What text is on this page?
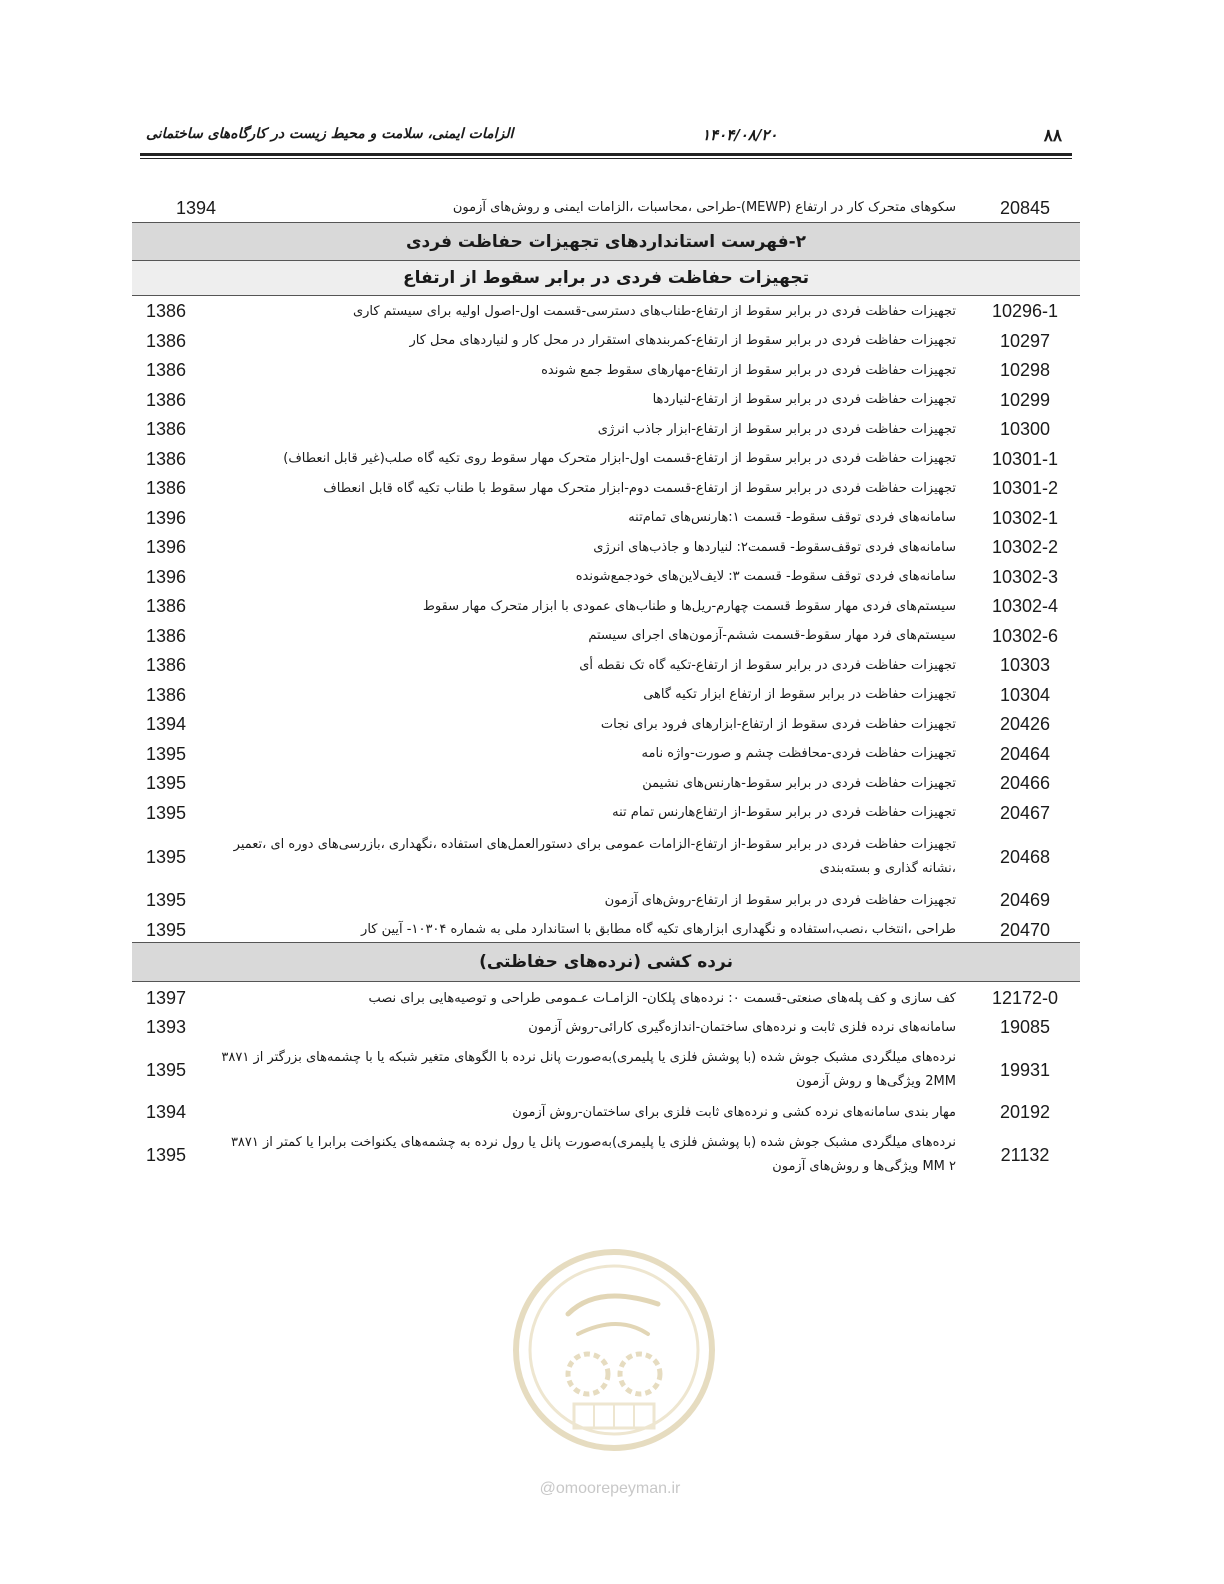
۸۸
۱۴۰۴/۰۸/۲۰
الزامات ایمنی، سلامت و محیط زیست در کارگاه‌های ساختمانی
20845
سکوهای متحرک کار در ارتفاع (MEWP)-طراحی ،محاسبات ،الزامات ایمنی و روش‌های آزمون
1394
۲-فهرست استانداردهای تجهیزات حفاظت فردی
تجهیزات حفاظت فردی در برابر سقوط از ارتفاع
10296-1
تجهیزات حفاظت فردی در برابر سقوط از ارتفاع-طناب‌های دسترسی-قسمت اول-اصول اولیه برای سیستم کاری
1386
10297
تجهیزات حفاظت فردی در برابر سقوط از ارتفاع-کمربندهای استقرار در محل کار و لنیاردهای محل کار
1386
10298
تجهیزات حفاظت فردی در برابر سقوط از ارتفاع-مهارهای سقوط جمع شونده
1386
10299
تجهیزات حفاظت فردی در برابر سقوط از ارتفاع-لنیاردها
1386
10300
تجهیزات حفاظت فردی در برابر سقوط از ارتفاع-ابزار جاذب انرژی
1386
10301-1
تجهیزات حفاظت فردی در برابر سقوط از ارتفاع-قسمت اول-ابزار متحرک مهار سقوط روی تکیه گاه صلب(غیر قابل انعطاف)
1386
10301-2
تجهیزات حفاظت فردی در برابر سقوط از ارتفاع-قسمت دوم-ابزار متحرک مهار سقوط با طناب تکیه گاه قابل انعطاف
1386
10302-1
سامانه‌های فردی توقف سقوط- قسمت ۱:هارنس‌های تمام‌تنه
1396
10302-2
سامانه‌های فردی توقف‌سقوط- قسمت۲: لنیاردها و جاذب‌های انرژی
1396
10302-3
سامانه‌های فردی توقف سقوط- قسمت ۳: لایف‌لاین‌های خودجمع‌شونده
1396
10302-4
سیستم‌های فردی مهار سقوط قسمت چهارم-ریل‌ها و طناب‌های عمودی با ابزار متحرک مهار سقوط
1386
10302-6
سیستم‌های فرد مهار سقوط-قسمت ششم-آزمون‌های اجرای سیستم
1386
10303
تجهیزات حفاظت فردی در برابر سقوط از ارتفاع-تکیه گاه تک نقطه أی
1386
10304
تجهیزات حفاظت در برابر سقوط از ارتفاع ابزار تکیه گاهی
1386
20426
تجهیزات حفاظت فردی سقوط از ارتفاع-ابزارهای فرود برای نجات
1394
20464
تجهیزات حفاظت فردی-محافظت چشم و صورت-واژه نامه
1395
20466
تجهیزات حفاظت فردی در برابر سقوط-هارنس‌های نشیمن
1395
20467
تجهیزات حفاظت فردی در برابر سقوط-از ارتفاع‌هارنس تمام تنه
1395
20468
تجهیزات حفاظت فردی در برابر سقوط-از ارتفاع-الزامات عمومی برای دستورالعمل‌های استفاده ،نگهداری ،بازرسی‌های دوره ای ،تعمیر ،نشانه گذاری و بسته‌بندی
1395
20469
تجهیزات حفاظت فردی در برابر سقوط از ارتفاع-روش‌های آزمون
1395
20470
طراحی ،انتخاب ،نصب،استفاده و نگهداری ابزارهای تکیه گاه مطابق با استاندارد ملی به شماره ۱۰۳۰۴- آیین کار
1395
نرده کشی (نرده‌های حفاظتی)
12172-0
کف سازی و کف پله‌های صنعتی-قسمت ۰: نرده‌های پلکان- الزامـات عـمومی طراحی و توصیه‌هایی برای نصب
1397
19085
سامانه‌های نرده فلزی ثابت و نرده‌های ساختمان-اندازه‌گیری کارائی-روش آزمون
1393
19931
نرده‌های میلگردی مشبک جوش شده (با پوشش فلزی یا پلیمری)به‌صورت پانل نرده با الگوهای متغیر شبکه یا با چشمه‌های بزرگتر از ۳۸۷۱ 2MM ویژگی‌ها و روش آزمون
1395
20192
مهار بندی سامانه‌های نرده کشی و نرده‌های ثابت فلزی برای ساختمان-روش آزمون
1394
21132
نرده‌های میلگردی مشبک جوش شده (با پوشش فلزی یا پلیمری)به‌صورت پانل یا رول نرده به چشمه‌های یکنواخت برابرا یا کمتر از ۳۸۷۱ MM ۲ ویژگی‌ها و روش‌های آزمون
1395
@omoorepeyman.ir
